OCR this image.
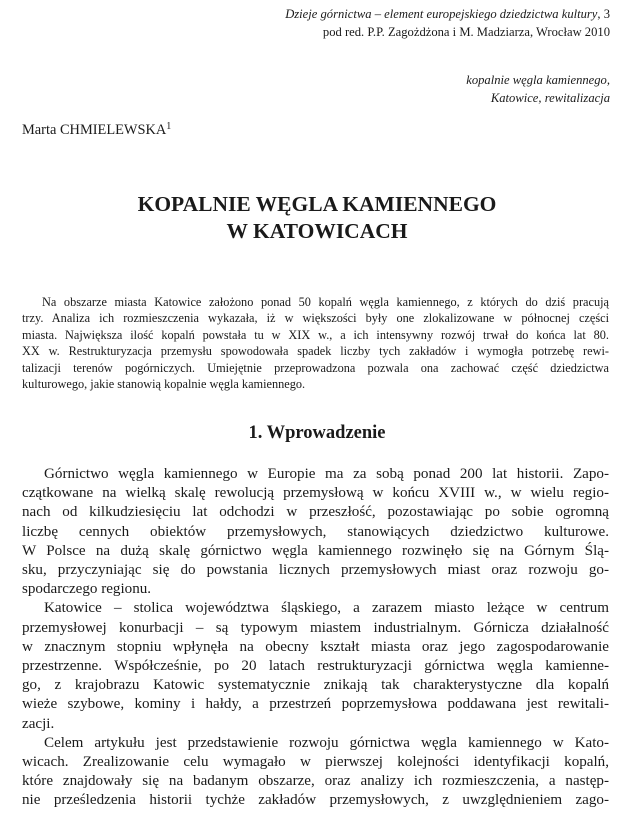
Dzieje górnictwa – element europejskiego dziedzictwa kultury, 3
pod red. P.P. Zagożdżona i M. Madziarza, Wrocław 2010
kopalnie węgla kamiennego,
Katowice, rewitalizacja
Marta CHMIELEWSKA$^1$
KOPALNIE WĘGLA KAMIENNEGO
W KATOWICACH
Na obszarze miasta Katowice założono ponad 50 kopalń węgla kamiennego, z których do dziś pracują
trzy. Analiza ich rozmieszczenia wykazała, iż w większości były one zlokalizowane w północnej części
miasta. Największa ilość kopalń powstała tu w XIX w., a ich intensywny rozwój trwał do końca lat 80.
XX w. Restrukturyzacja przemysłu spowodowała spadek liczby tych zakładów i wymogła potrzebę rewi-
talizacji terenów pogórniczych. Umiejętnie przeprowadzona pozwala ona zachować część dziedzictwa
kulturowego, jakie stanowią kopalnie węgla kamiennego.
1. Wprowadzenie
Górnictwo węgla kamiennego w Europie ma za sobą ponad 200 lat historii. Zapo-
czątkowane na wielką skalę rewolucją przemysłową w końcu XVIII w., w wielu regio-
nach od kilkudziesięciu lat odchodzi w przeszłość, pozostawiając po sobie ogromną
liczbę cennych obiektów przemysłowych, stanowiących dziedzictwo kulturowe.
W Polsce na dużą skalę górnictwo węgla kamiennego rozwinęło się na Górnym Ślą-
sku, przyczyniając się do powstania licznych przemysłowych miast oraz rozwoju go-
spodarczego regionu.
Katowice – stolica województwa śląskiego, a zarazem miasto leżące w centrum
przemysłowej konurbacji – są typowym miastem industrialnym. Górnicza działalność
w znacznym stopniu wpłynęła na obecny kształt miasta oraz jego zagospodarowanie
przestrzenne. Współcześnie, po 20 latach restrukturyzacji górnictwa węgla kamienne-
go, z krajobrazu Katowic systematycznie znikają tak charakterystyczne dla kopalń
wieże szybowe, kominy i hałdy, a przestrzeń poprzemysłowa poddawana jest rewitali-
zacji.
Celem artykułu jest przedstawienie rozwoju górnictwa węgla kamiennego w Kato-
wicach. Zrealizowanie celu wymagało w pierwszej kolejności identyfikacji kopalń,
które znajdowały się na badanym obszarze, oraz analizy ich rozmieszczenia, a następ-
nie prześledzenia historii tychże zakładów przemysłowych, z uwzględnieniem zago-
